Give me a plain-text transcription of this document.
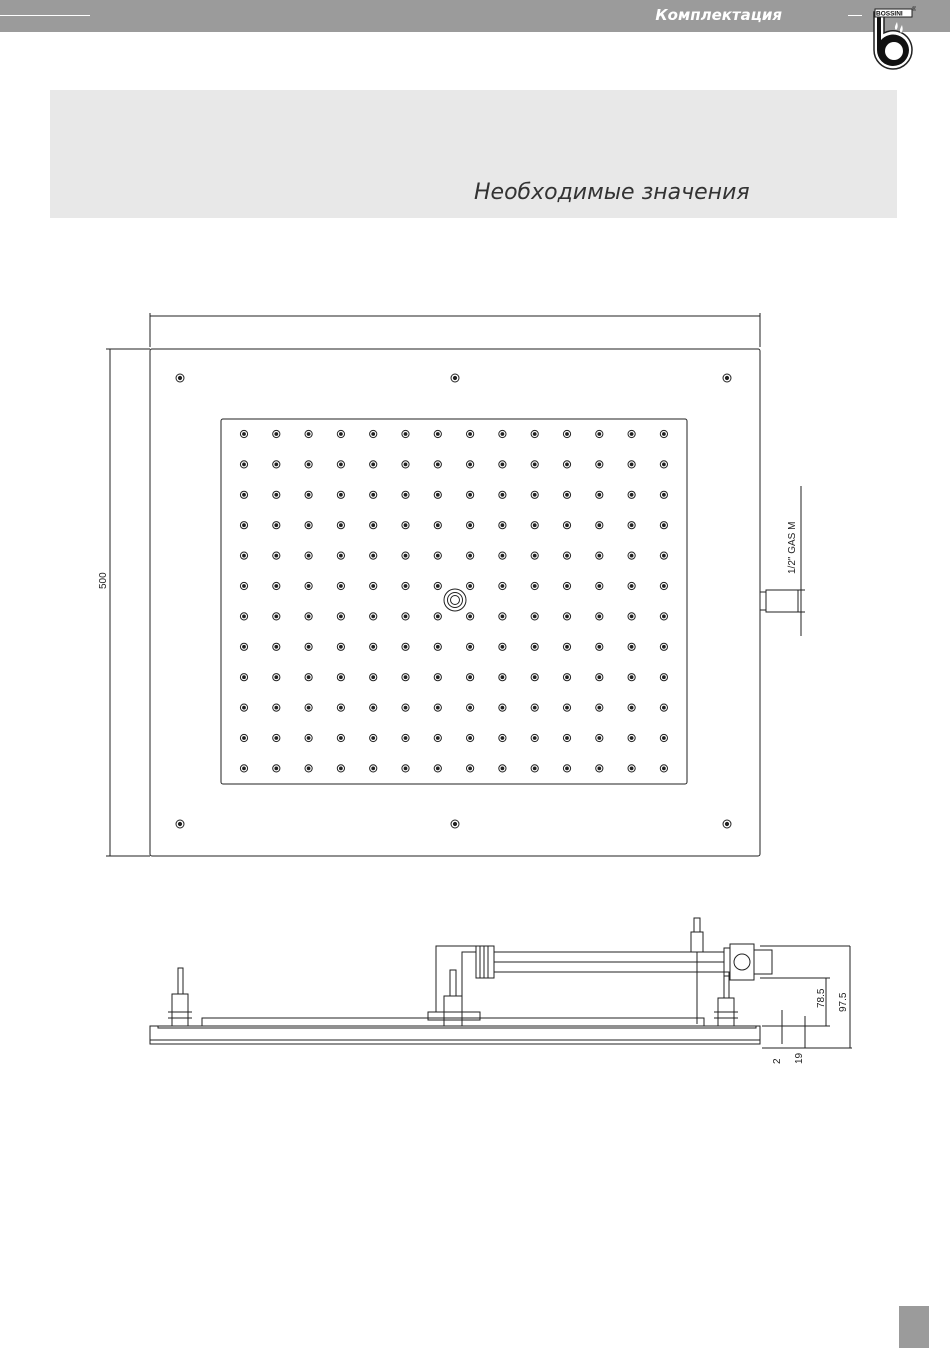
Комплектация	BOSSINI
®
Необходимые значения
500
1/2" GAS M
97.5
78.5
19
2
